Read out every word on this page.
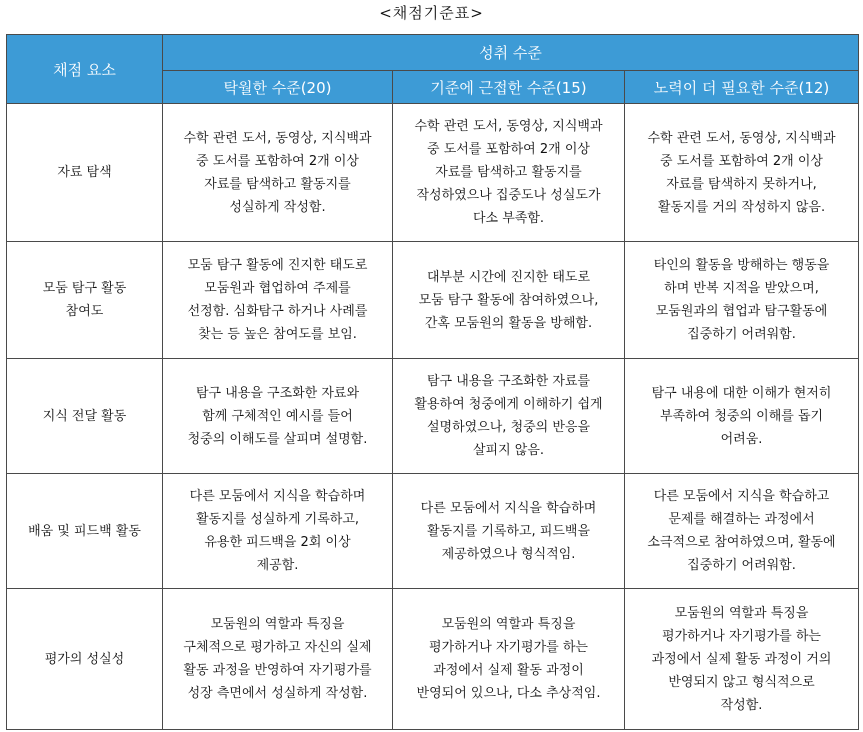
<채점기준표>
채점 요소	성취 수준		
	탁월한 수준(20)	기준에 근접한 수준(15)	노력이 더 필요한 수준(12)
자료 탐색	수학 관련 도서, 동영상, 지식백과
중 도서를 포함하여 2개 이상
자료를 탐색하고 활동지를
성실하게 작성함.	수학 관련 도서, 동영상, 지식백과
중 도서를 포함하여 2개 이상
자료를 탐색하고 활동지를
작성하였으나 집중도나 성실도가
다소 부족함.	수학 관련 도서, 동영상, 지식백과
중 도서를 포함하여 2개 이상
자료를 탐색하지 못하거나,
활동지를 거의 작성하지 않음.

모둠 탐구 활동
참여도	모둠 탐구 활동에 진지한 태도로
모둠원과 협업하여 주제를
선정함. 심화탐구 하거나 사례를
찾는 등 높은 참여도를 보임.	대부분 시간에 진지한 태도로
모둠 탐구 활동에 참여하였으나,
간혹 모둠원의 활동을 방해함.	타인의 활동을 방해하는 행동을
하며 반복 지적을 받았으며,
모둠원과의 협업과 탐구활동에
집중하기 어려워함.

지식 전달 활동	탐구 내용을 구조화한 자료와
함께 구체적인 예시를 들어
청중의 이해도를 살피며 설명함.	탐구 내용을 구조화한 자료를
활용하여 청중에게 이해하기 쉽게
설명하였으나, 청중의 반응을
살피지 않음.	탐구 내용에 대한 이해가 현저히
부족하여 청중의 이해를 돕기
어려움.

배움 및 피드백 활동	다른 모둠에서 지식을 학습하며
활동지를 성실하게 기록하고,
유용한 피드백을 2회 이상
제공함.	다른 모둠에서 지식을 학습하며
활동지를 기록하고, 피드백을
제공하였으나 형식적임.	다른 모둠에서 지식을 학습하고
문제를 해결하는 과정에서
소극적으로 참여하였으며, 활동에
집중하기 어려워함.

평가의 성실성	모둠원의 역할과 특징을
구체적으로 평가하고 자신의 실제
활동 과정을 반영하여 자기평가를
성장 측면에서 성실하게 작성함.	모둠원의 역할과 특징을
평가하거나 자기평가를 하는
과정에서 실제 활동 과정이
반영되어 있으나, 다소 추상적임.	모둠원의 역할과 특징을
평가하거나 자기평가를 하는
과정에서 실제 활동 과정이 거의
반영되지 않고 형식적으로
작성함.
